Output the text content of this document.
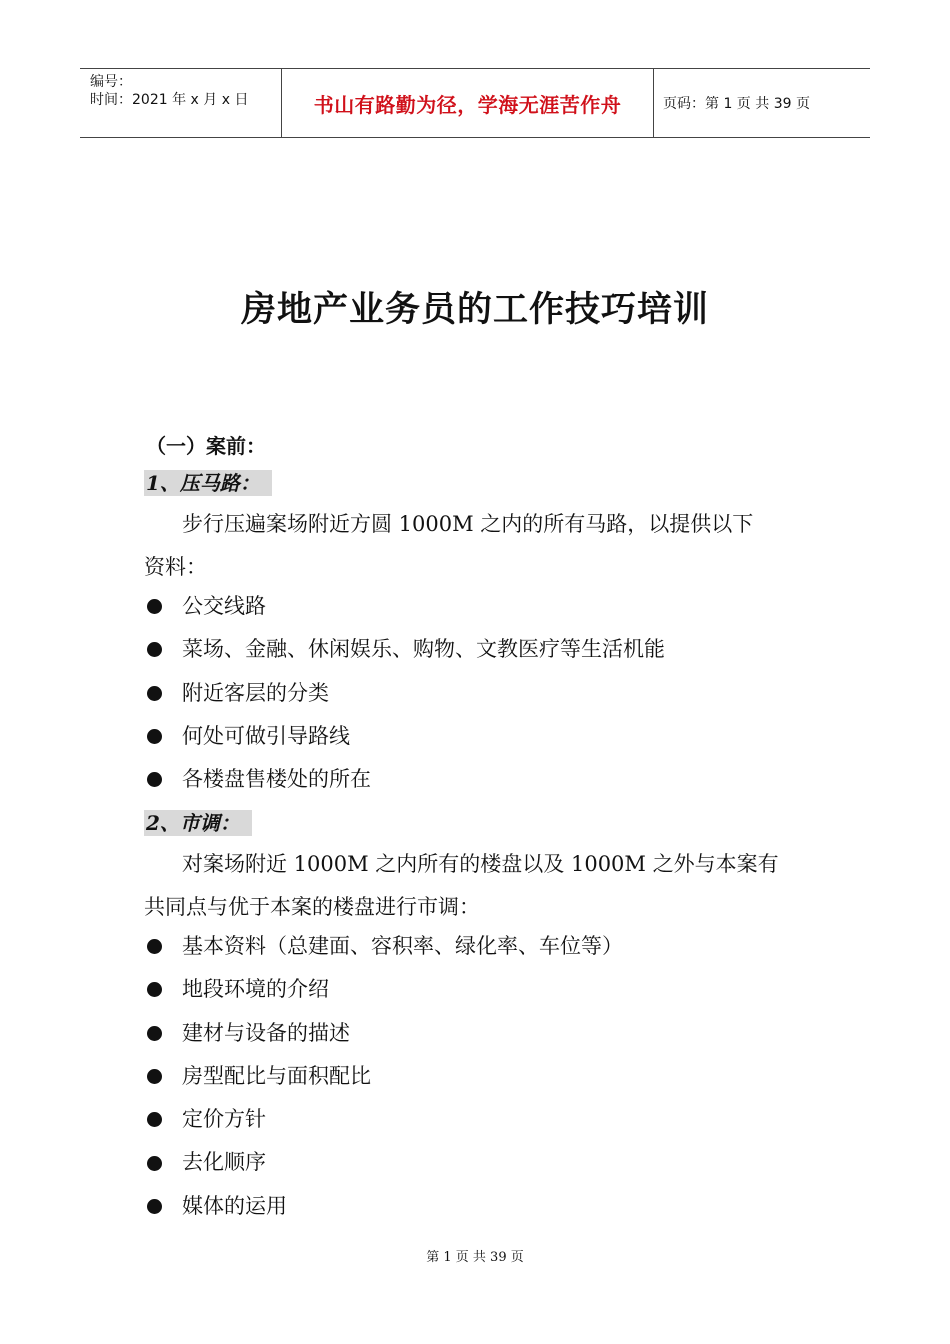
编号：
时间：2021 年 x 月 x 日	书山有路勤为径，学海无涯苦作舟	页码：第 1 页 共 39 页
房地产业务员的工作技巧培训
（一）案前：
1、压马路：
步行压遍案场附近方圆 1000M 之内的所有马路，以提供以下
资料：
公交线路
菜场、金融、休闲娱乐、购物、文教医疗等生活机能
附近客层的分类
何处可做引导路线
各楼盘售楼处的所在
2、市调：
对案场附近 1000M 之内所有的楼盘以及 1000M 之外与本案有
共同点与优于本案的楼盘进行市调：
基本资料（总建面、容积率、绿化率、车位等）
地段环境的介绍
建材与设备的描述
房型配比与面积配比
定价方针
去化顺序
媒体的运用
第 1 页 共 39 页
